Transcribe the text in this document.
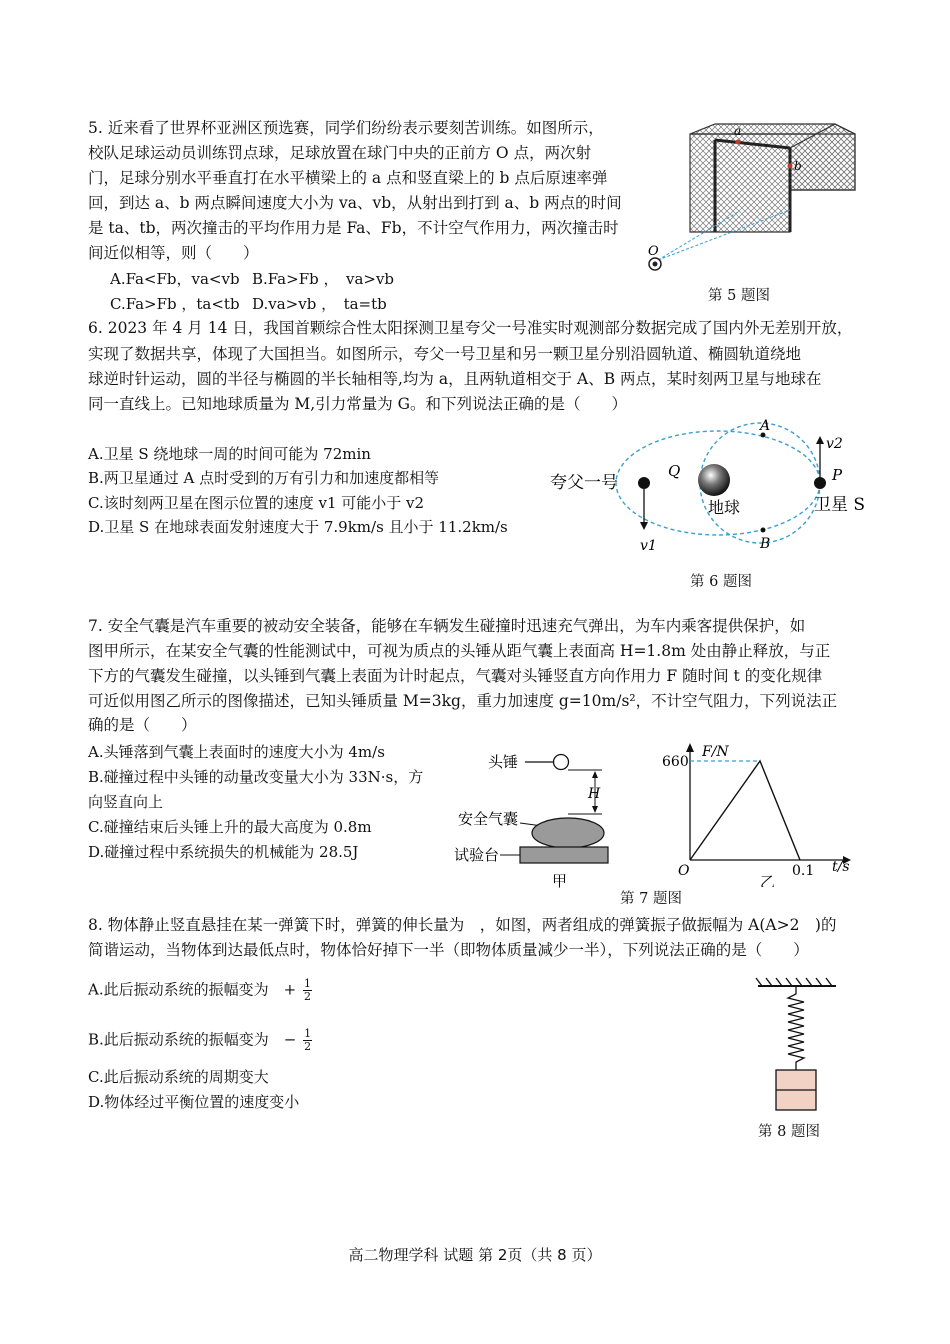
5. 近来看了世界杯亚洲区预选赛，同学们纷纷表示要刻苦训练。如图所示，
校队足球运动员训练罚点球，足球放置在球门中央的正前方 O 点，两次射
门，足球分别水平垂直打在水平横梁上的 a 点和竖直梁上的 b 点后原速率弹
回，到达 a、b 两点瞬间速度大小为 va、vb，从射出到打到 a、b 两点的时间
是 ta、tb，两次撞击的平均作用力是 Fa、Fb，不计空气作用力，两次撞击时
间近似相等，则（　　）
A.Fa<Fb，va<vb B.Fa>Fb ，　va>vb
C.Fa>Fb ，ta<tb D.va>vb ，　ta=tb
a
b
O
第 5 题图
6. 2023 年 4 月 14 日，我国首颗综合性太阳探测卫星夸父一号准实时观测部分数据完成了国内外无差别开放，
实现了数据共享，体现了大国担当。如图所示，夸父一号卫星和另一颗卫星分别沿圆轨道、椭圆轨道绕地
球逆时针运动，圆的半径与椭圆的半长轴相等,均为 a，且两轨道相交于 A、B 两点，某时刻两卫星与地球在
同一直线上。已知地球质量为 M,引力常量为 G。和下列说法正确的是（　　）
A.卫星 S 绕地球一周的时间可能为 72min
B.两卫星通过 A 点时受到的万有引力和加速度都相等
C.该时刻两卫星在图示位置的速度 v1 可能小于 v2
D.卫星 S 在地球表面发射速度大于 7.9km/s 且小于 11.2km/s
地球
夸父一号
Q
v1
P
卫星 S
v2
A
B
第 6 题图
7. 安全气囊是汽车重要的被动安全装备，能够在车辆发生碰撞时迅速充气弹出，为车内乘客提供保护，如
图甲所示，在某安全气囊的性能测试中，可视为质点的头锤从距气囊上表面高 H=1.8m 处由静止释放，与正
下方的气囊发生碰撞，以头锤到气囊上表面为计时起点，气囊对头锤竖直方向作用力 F 随时间 t 的变化规律
可近似用图乙所示的图像描述，已知头锤质量 M=3kg，重力加速度 g=10m/s²，不计空气阻力，下列说法正
确的是（　　）
A.头锤落到气囊上表面时的速度大小为 4m/s
B.碰撞过程中头锤的动量改变量大小为 33N·s，方
向竖直向上
C.碰撞结束后头锤上升的最大高度为 0.8m
D.碰撞过程中系统损失的机械能为 28.5J
头锤
H
安全气囊
试验台
甲
F/N
t/s
O
660
0.1
乙
第 7 题图
8. 物体静止竖直悬挂在某一弹簧下时，弹簧的伸长量为　，如图，两者组成的弹簧振子做振幅为 A(A>2　)的
简谐运动，当物体到达最低点时，物体恰好掉下一半（即物体质量减少一半），下列说法正确的是（　　）
A.此后振动系统的振幅变为　+ $\frac{1}{2}$
B.此后振动系统的振幅变为　− $\frac{1}{2}$
C.此后振动系统的周期变大
D.物体经过平衡位置的速度变小
第 8 题图
高二物理学科 试题 第 2页（共 8 页）
